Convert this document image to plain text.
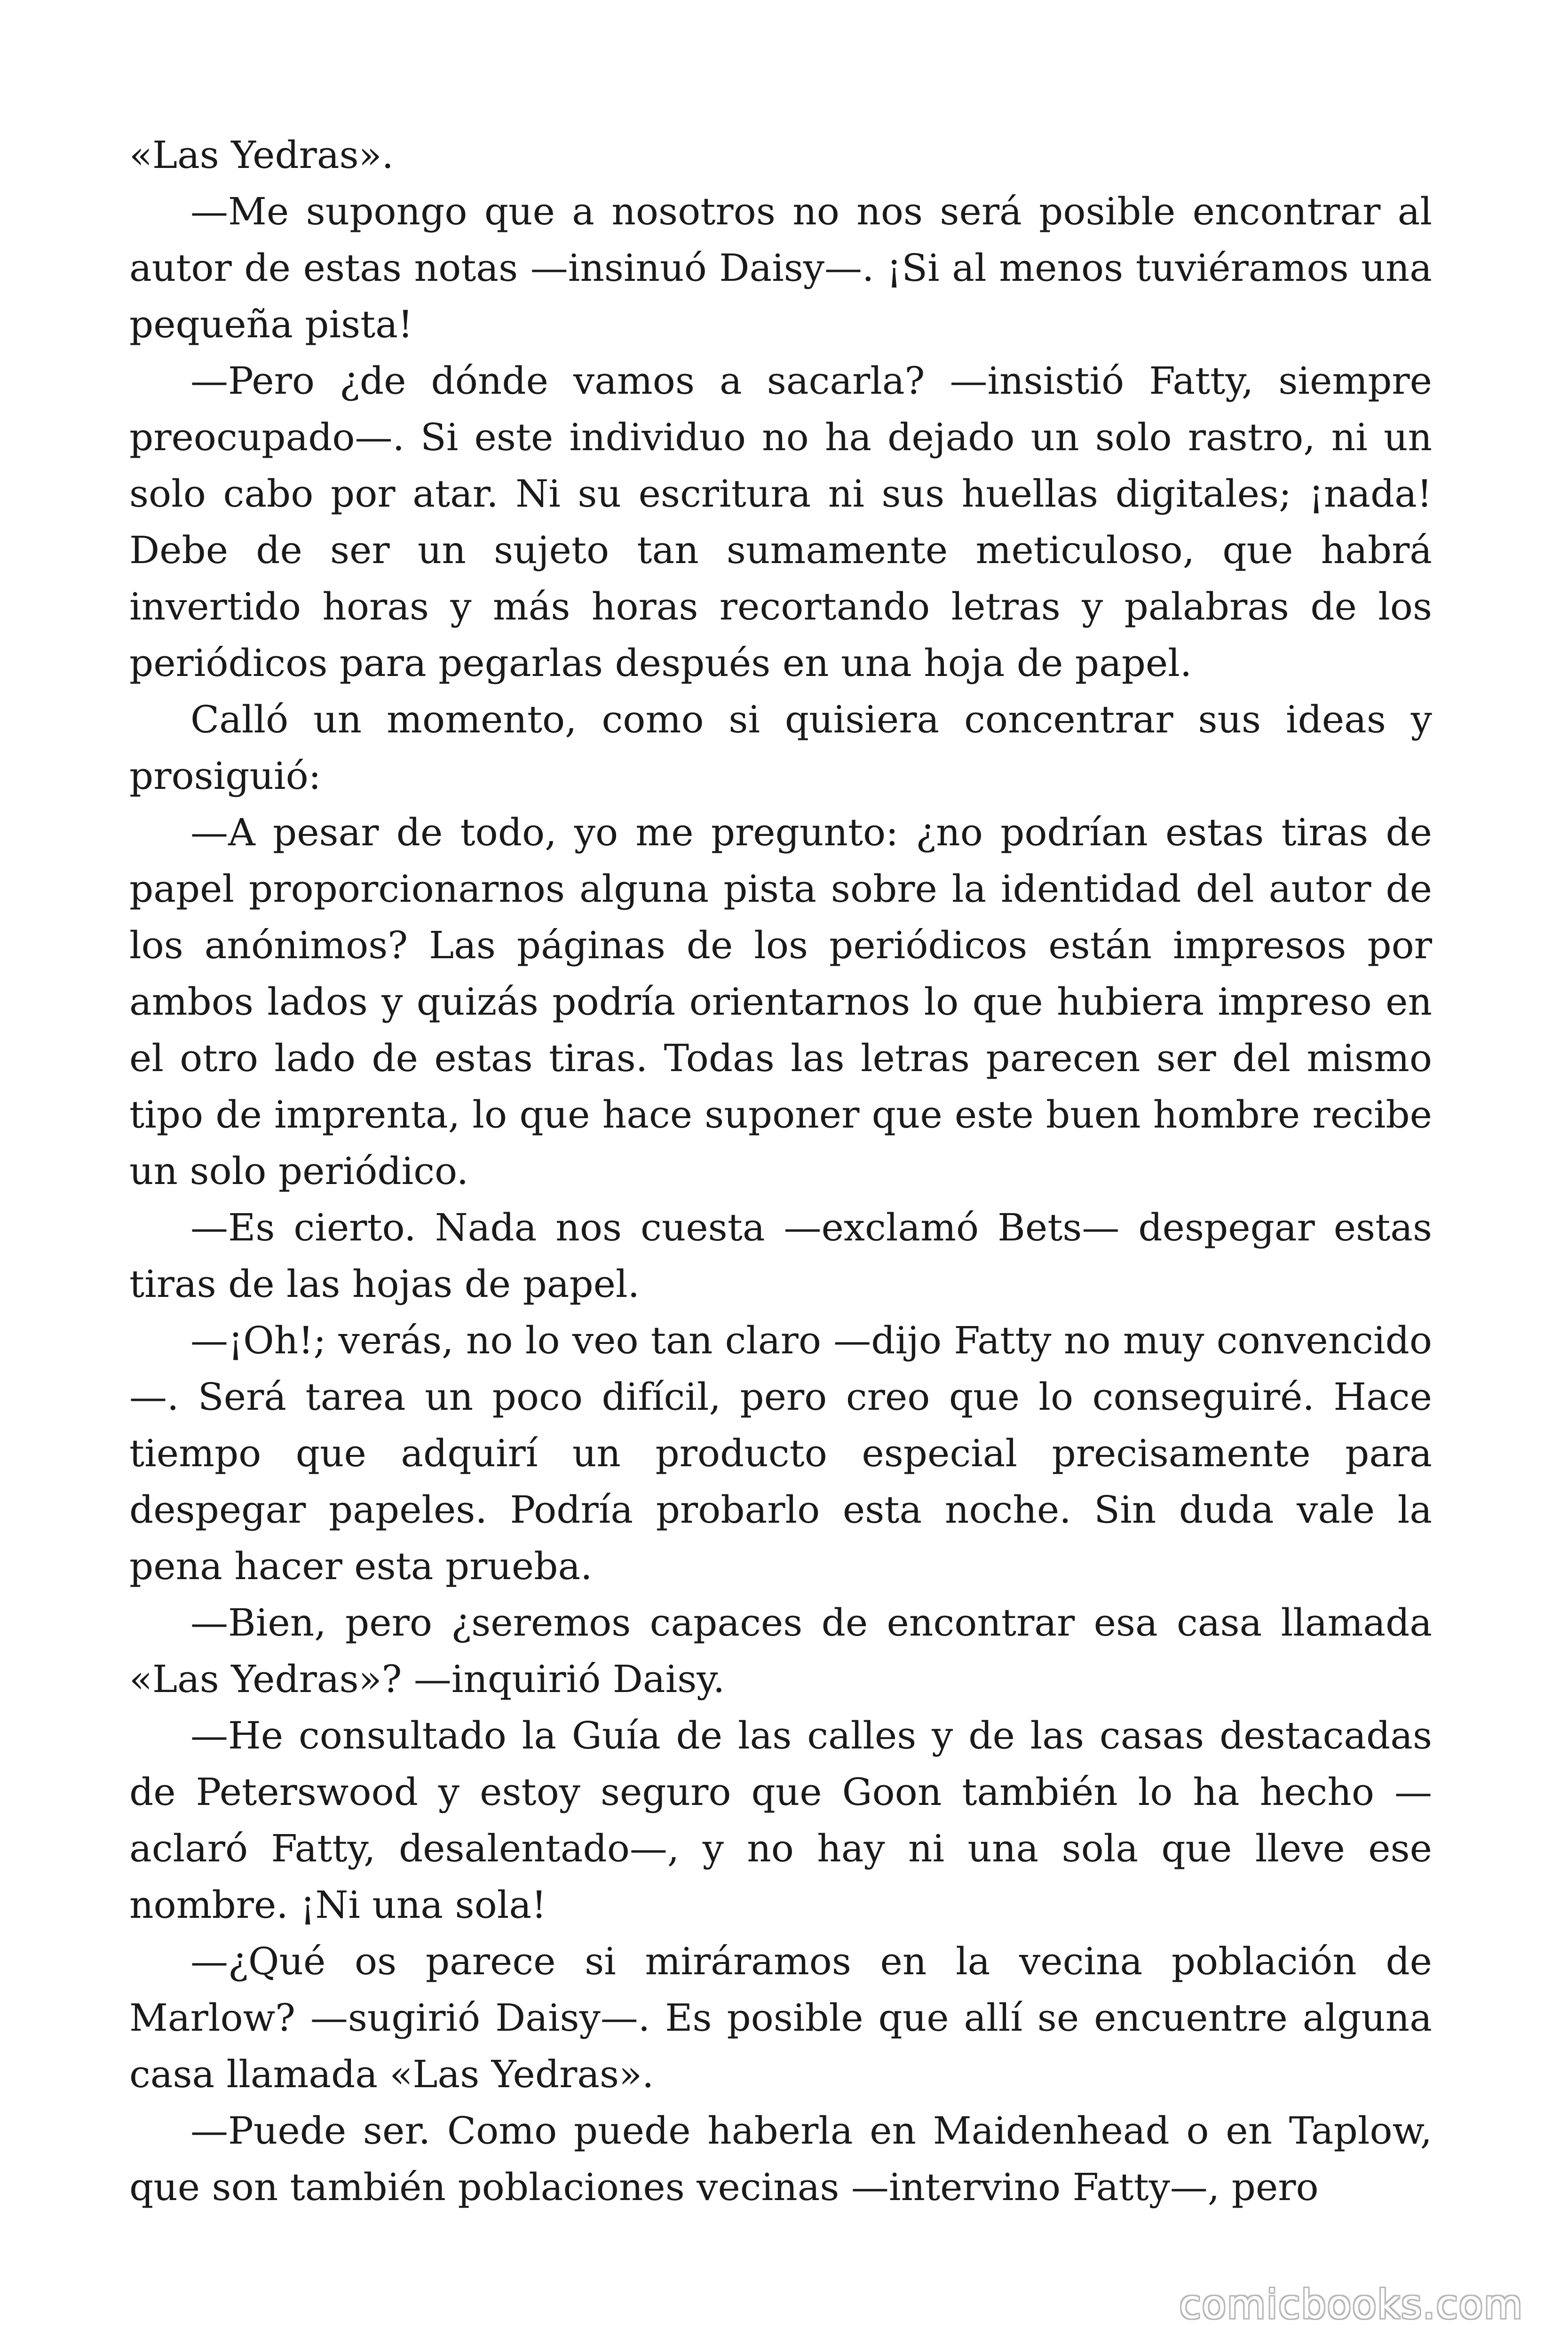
«Las Yedras».

—Me supongo que a nosotros no nos será posible encontrar al autor de estas notas —insinuó Daisy—. ¡Si al menos tuviéramos una pequeña pista!

—Pero ¿de dónde vamos a sacarla? —insistió Fatty, siempre preocupado—. Si este individuo no ha dejado un solo rastro, ni un solo cabo por atar. Ni su escritura ni sus huellas digitales; ¡nada! Debe de ser un sujeto tan sumamente meticuloso, que habrá invertido horas y más horas recortando letras y palabras de los periódicos para pegarlas después en una hoja de papel.

Calló un momento, como si quisiera concentrar sus ideas y prosiguió:

—A pesar de todo, yo me pregunto: ¿no podrían estas tiras de papel proporcionarnos alguna pista sobre la identidad del autor de los anónimos? Las páginas de los periódicos están impresos por ambos lados y quizás podría orientarnos lo que hubiera impreso en el otro lado de estas tiras. Todas las letras parecen ser del mismo tipo de imprenta, lo que hace suponer que este buen hombre recibe un solo periódico.

—Es cierto. Nada nos cuesta —exclamó Bets— despegar estas tiras de las hojas de papel.

—¡Oh!; verás, no lo veo tan claro —dijo Fatty no muy convencido—. Será tarea un poco difícil, pero creo que lo conseguiré. Hace tiempo que adquirí un producto especial precisamente para despegar papeles. Podría probarlo esta noche. Sin duda vale la pena hacer esta prueba.

—Bien, pero ¿seremos capaces de encontrar esa casa llamada «Las Yedras»? —inquirió Daisy.

—He consultado la Guía de las calles y de las casas destacadas de Peterswood y estoy seguro que Goon también lo ha hecho —aclaró Fatty, desalentado—, y no hay ni una sola que lleve ese nombre. ¡Ni una sola!

—¿Qué os parece si miráramos en la vecina población de Marlow? —sugirió Daisy—. Es posible que allí se encuentre alguna casa llamada «Las Yedras».

—Puede ser. Como puede haberla en Maidenhead o en Taplow, que son también poblaciones vecinas —intervino Fatty—, pero

comicbooks.com
